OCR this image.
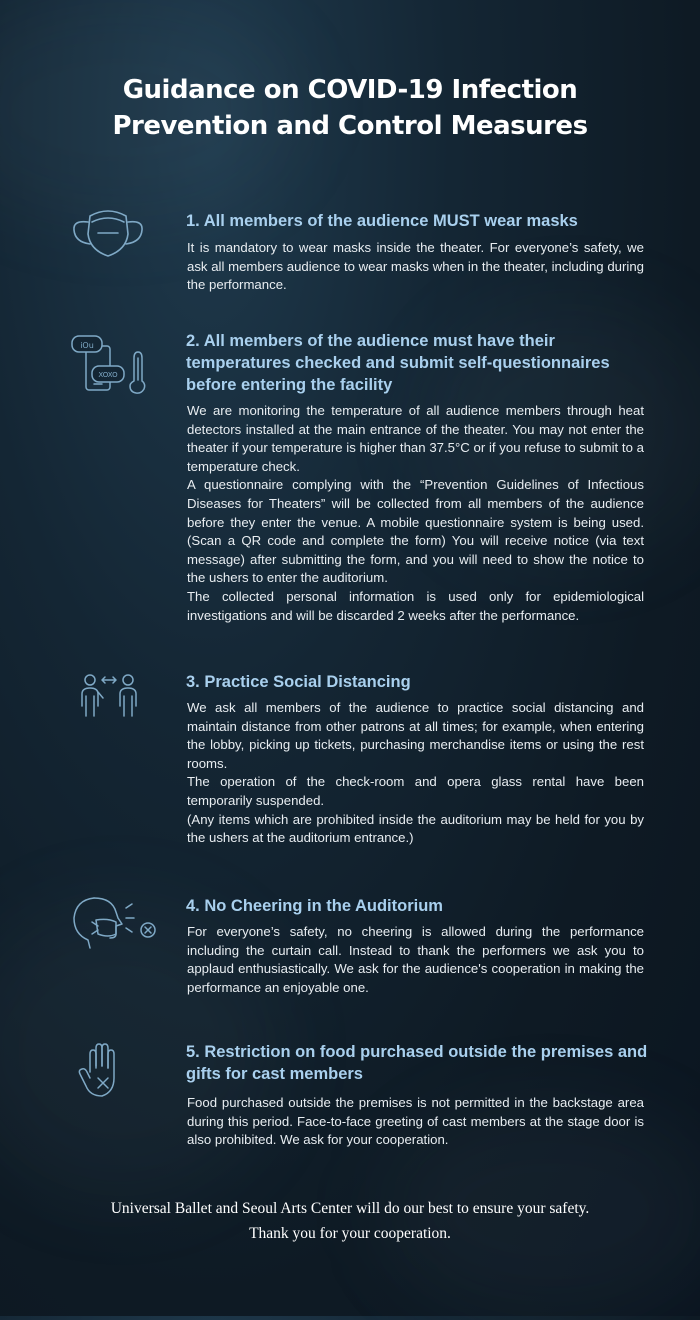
Guidance on COVID-19 Infection
Prevention and Control Measures
1. All members of the audience MUST wear masks

It is mandatory to wear masks inside the theater. For everyone’s safety, we ask all members audience to wear masks when in the theater, including during the performance.

iOu
XOXO
2. All members of the audience must have their temperatures checked and submit self-questionnaires before entering the facility

We are monitoring the temperature of all audience members through heat detectors installed at the main entrance of the theater. You may not enter the theater if your temperature is higher than 37.5°C or if you refuse to submit to a temperature check.

A questionnaire complying with the “Prevention Guidelines of Infectious Diseases for Theaters” will be collected from all members of the audience before they enter the venue. A mobile questionnaire system is being used. (Scan a QR code and complete the form) You will receive notice (via text message) after submitting the form, and you will need to show the notice to the ushers to enter the auditorium.

The collected personal information is used only for epidemiological investigations and will be discarded 2 weeks after the performance.

3. Practice Social Distancing

We ask all members of the audience to practice social distancing and maintain distance from other patrons at all times; for example, when entering the lobby, picking up tickets, purchasing merchandise items or using the rest rooms.

The operation of the check-room and opera glass rental have been temporarily suspended.

(Any items which are prohibited inside the auditorium may be held for you by the ushers at the auditorium entrance.)

4. No Cheering in the Auditorium

For everyone’s safety, no cheering is allowed during the performance including the curtain call. Instead to thank the performers we ask you to applaud enthusiastically. We ask for the audience's cooperation in making the performance an enjoyable one.

5. Restriction on food purchased outside the premises and gifts for cast members

Food purchased outside the premises is not permitted in the backstage area during this period. Face-to-face greeting of cast members at the stage door is also prohibited. We ask for your cooperation.

Universal Ballet and Seoul Arts Center will do our best to ensure your safety.
Thank you for your cooperation.
